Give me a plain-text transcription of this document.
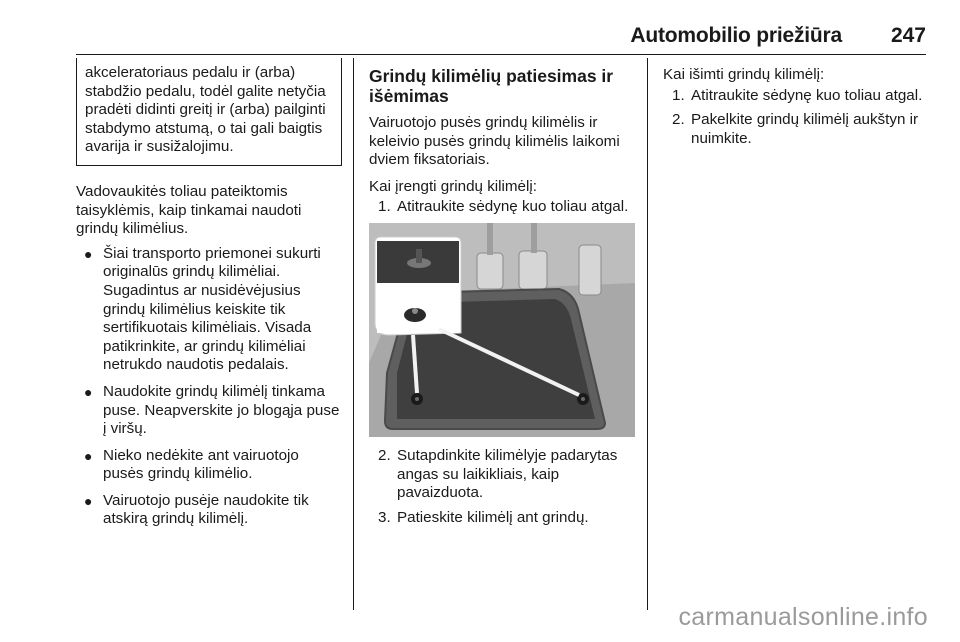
Automobilio priežiūra 247

akceleratoriaus pedalu ir (arba) stabdžio pedalu, todėl galite netyčia pradėti didinti greitį ir (arba) pailginti stabdymo atstumą, o tai gali baigtis avarija ir susižalojimu.

Vadovaukitės toliau pateiktomis taisyklėmis, kaip tinkamai naudoti grindų kilimėlius.

● Šiai transporto priemonei sukurti originalūs grindų kilimėliai. Sugadintus ar nusidėvėjusius grindų kilimėlius keiskite tik sertifikuotais kilimėliais. Visada patikrinkite, ar grindų kilimėliai netrukdo naudotis pedalais.
● Naudokite grindų kilimėlį tinkama puse. Neapverskite jo blogąja puse į viršų.
● Nieko nedėkite ant vairuotojo pusės grindų kilimėlio.
● Vairuotojo pusėje naudokite tik atskirą grindų kilimėlį.
Grindų kilimėlių patiesimas ir išėmimas

Vairuotojo pusės grindų kilimėlis ir keleivio pusės grindų kilimėlis laikomi dviem fiksatoriais.

Kai įrengti grindų kilimėlį:

1. Atitraukite sėdynę kuo toliau atgal.
2. Sutapdinkite kilimėlyje padarytas angas su laikikliais, kaip pavaizduota.
3. Patieskite kilimėlį ant grindų.

Kai išimti grindų kilimėlį:

1. Atitraukite sėdynę kuo toliau atgal.
2. Pakelkite grindų kilimėlį aukštyn ir nuimkite.
carmanualsonline.info
